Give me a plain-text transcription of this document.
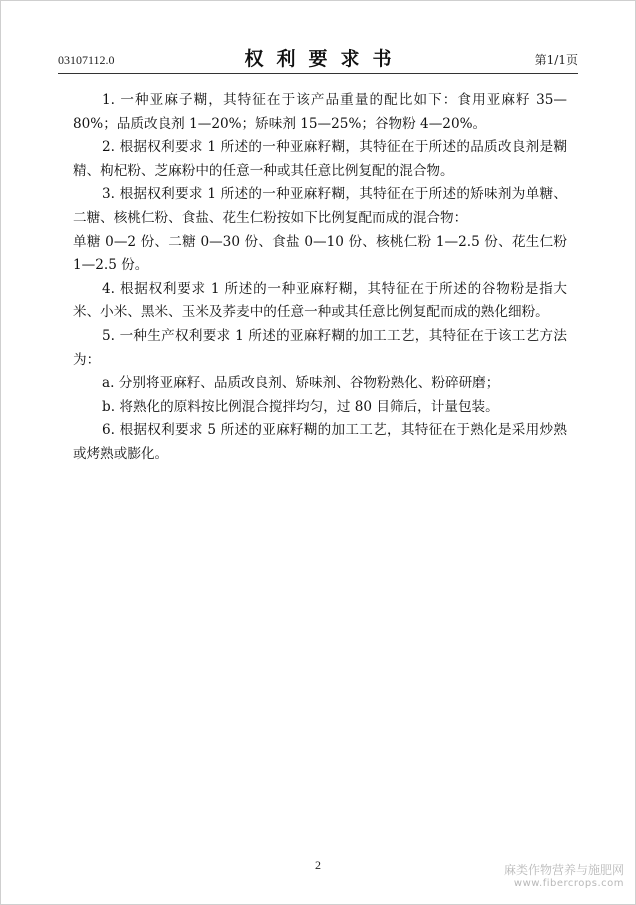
03107112.0	权利要求书	第1/1页

1. 一种亚麻子糊，其特征在于该产品重量的配比如下：食用亚麻籽 35—80%；品质改良剂 1—20%；矫味剂 15—25%；谷物粉 4—20%。

2. 根据权利要求 1 所述的一种亚麻籽糊，其特征在于所述的品质改良剂是糊精、枸杞粉、芝麻粉中的任意一种或其任意比例复配的混合物。

3. 根据权利要求 1 所述的一种亚麻籽糊，其特征在于所述的矫味剂为单糖、二糖、核桃仁粉、食盐、花生仁粉按如下比例复配而成的混合物：

单糖 0—2 份、二糖 0—30 份、食盐 0—10 份、核桃仁粉 1—2.5 份、花生仁粉 1—2.5 份。

4. 根据权利要求 1 所述的一种亚麻籽糊，其特征在于所述的谷物粉是指大米、小米、黑米、玉米及荞麦中的任意一种或其任意比例复配而成的熟化细粉。

5. 一种生产权利要求 1 所述的亚麻籽糊的加工工艺，其特征在于该工艺方法为：

a. 分别将亚麻籽、品质改良剂、矫味剂、谷物粉熟化、粉碎研磨；

b. 将熟化的原料按比例混合搅拌均匀，过 80 目筛后，计量包装。

6. 根据权利要求 5 所述的亚麻籽糊的加工工艺，其特征在于熟化是采用炒熟或烤熟或膨化。

2	麻类作物营养与施肥网
www.fibercrops.com
